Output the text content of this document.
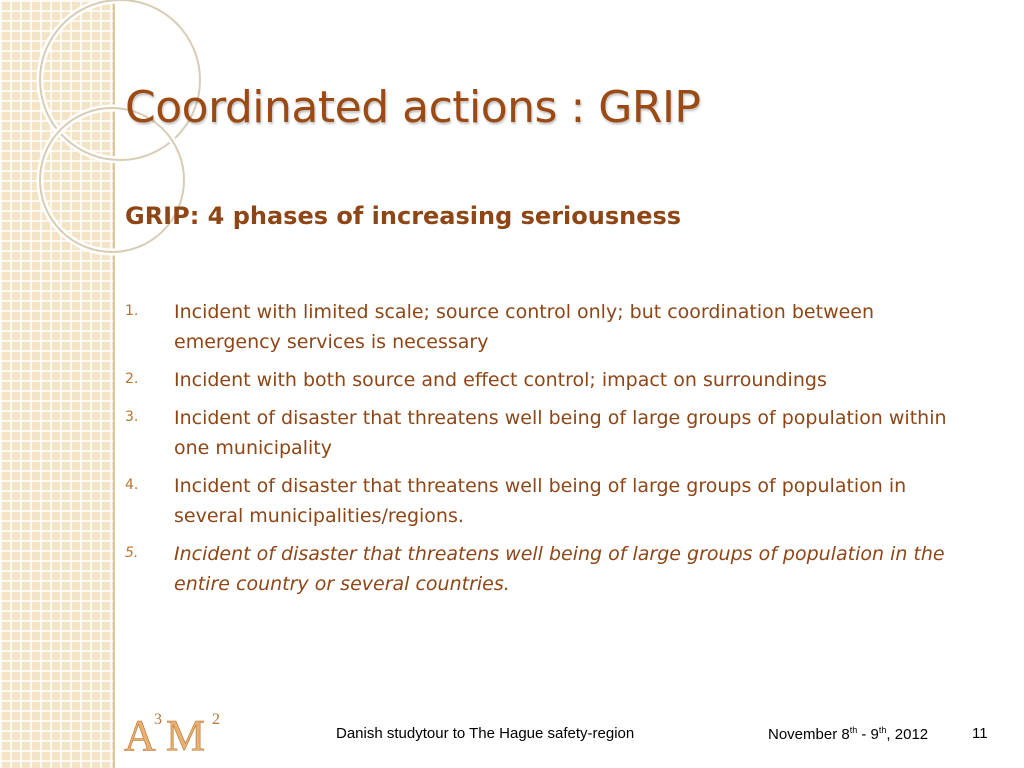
Coordinated actions : GRIP
GRIP: 4 phases of increasing seriousness
1.	Incident with limited scale; source control only; but coordination between emergency services is necessary
2.	Incident with both source and effect control; impact on surroundings
3.	Incident of disaster that threatens well being of large groups of population within one municipality
4.	Incident of disaster that threatens well being of large groups of population in several municipalities/regions.
5.	Incident of disaster that threatens well being of large groups of population in the entire country or several countries.
A
3 M 2
Danish studytour to The Hague safety-region	November 8th - 9th, 2012	11
